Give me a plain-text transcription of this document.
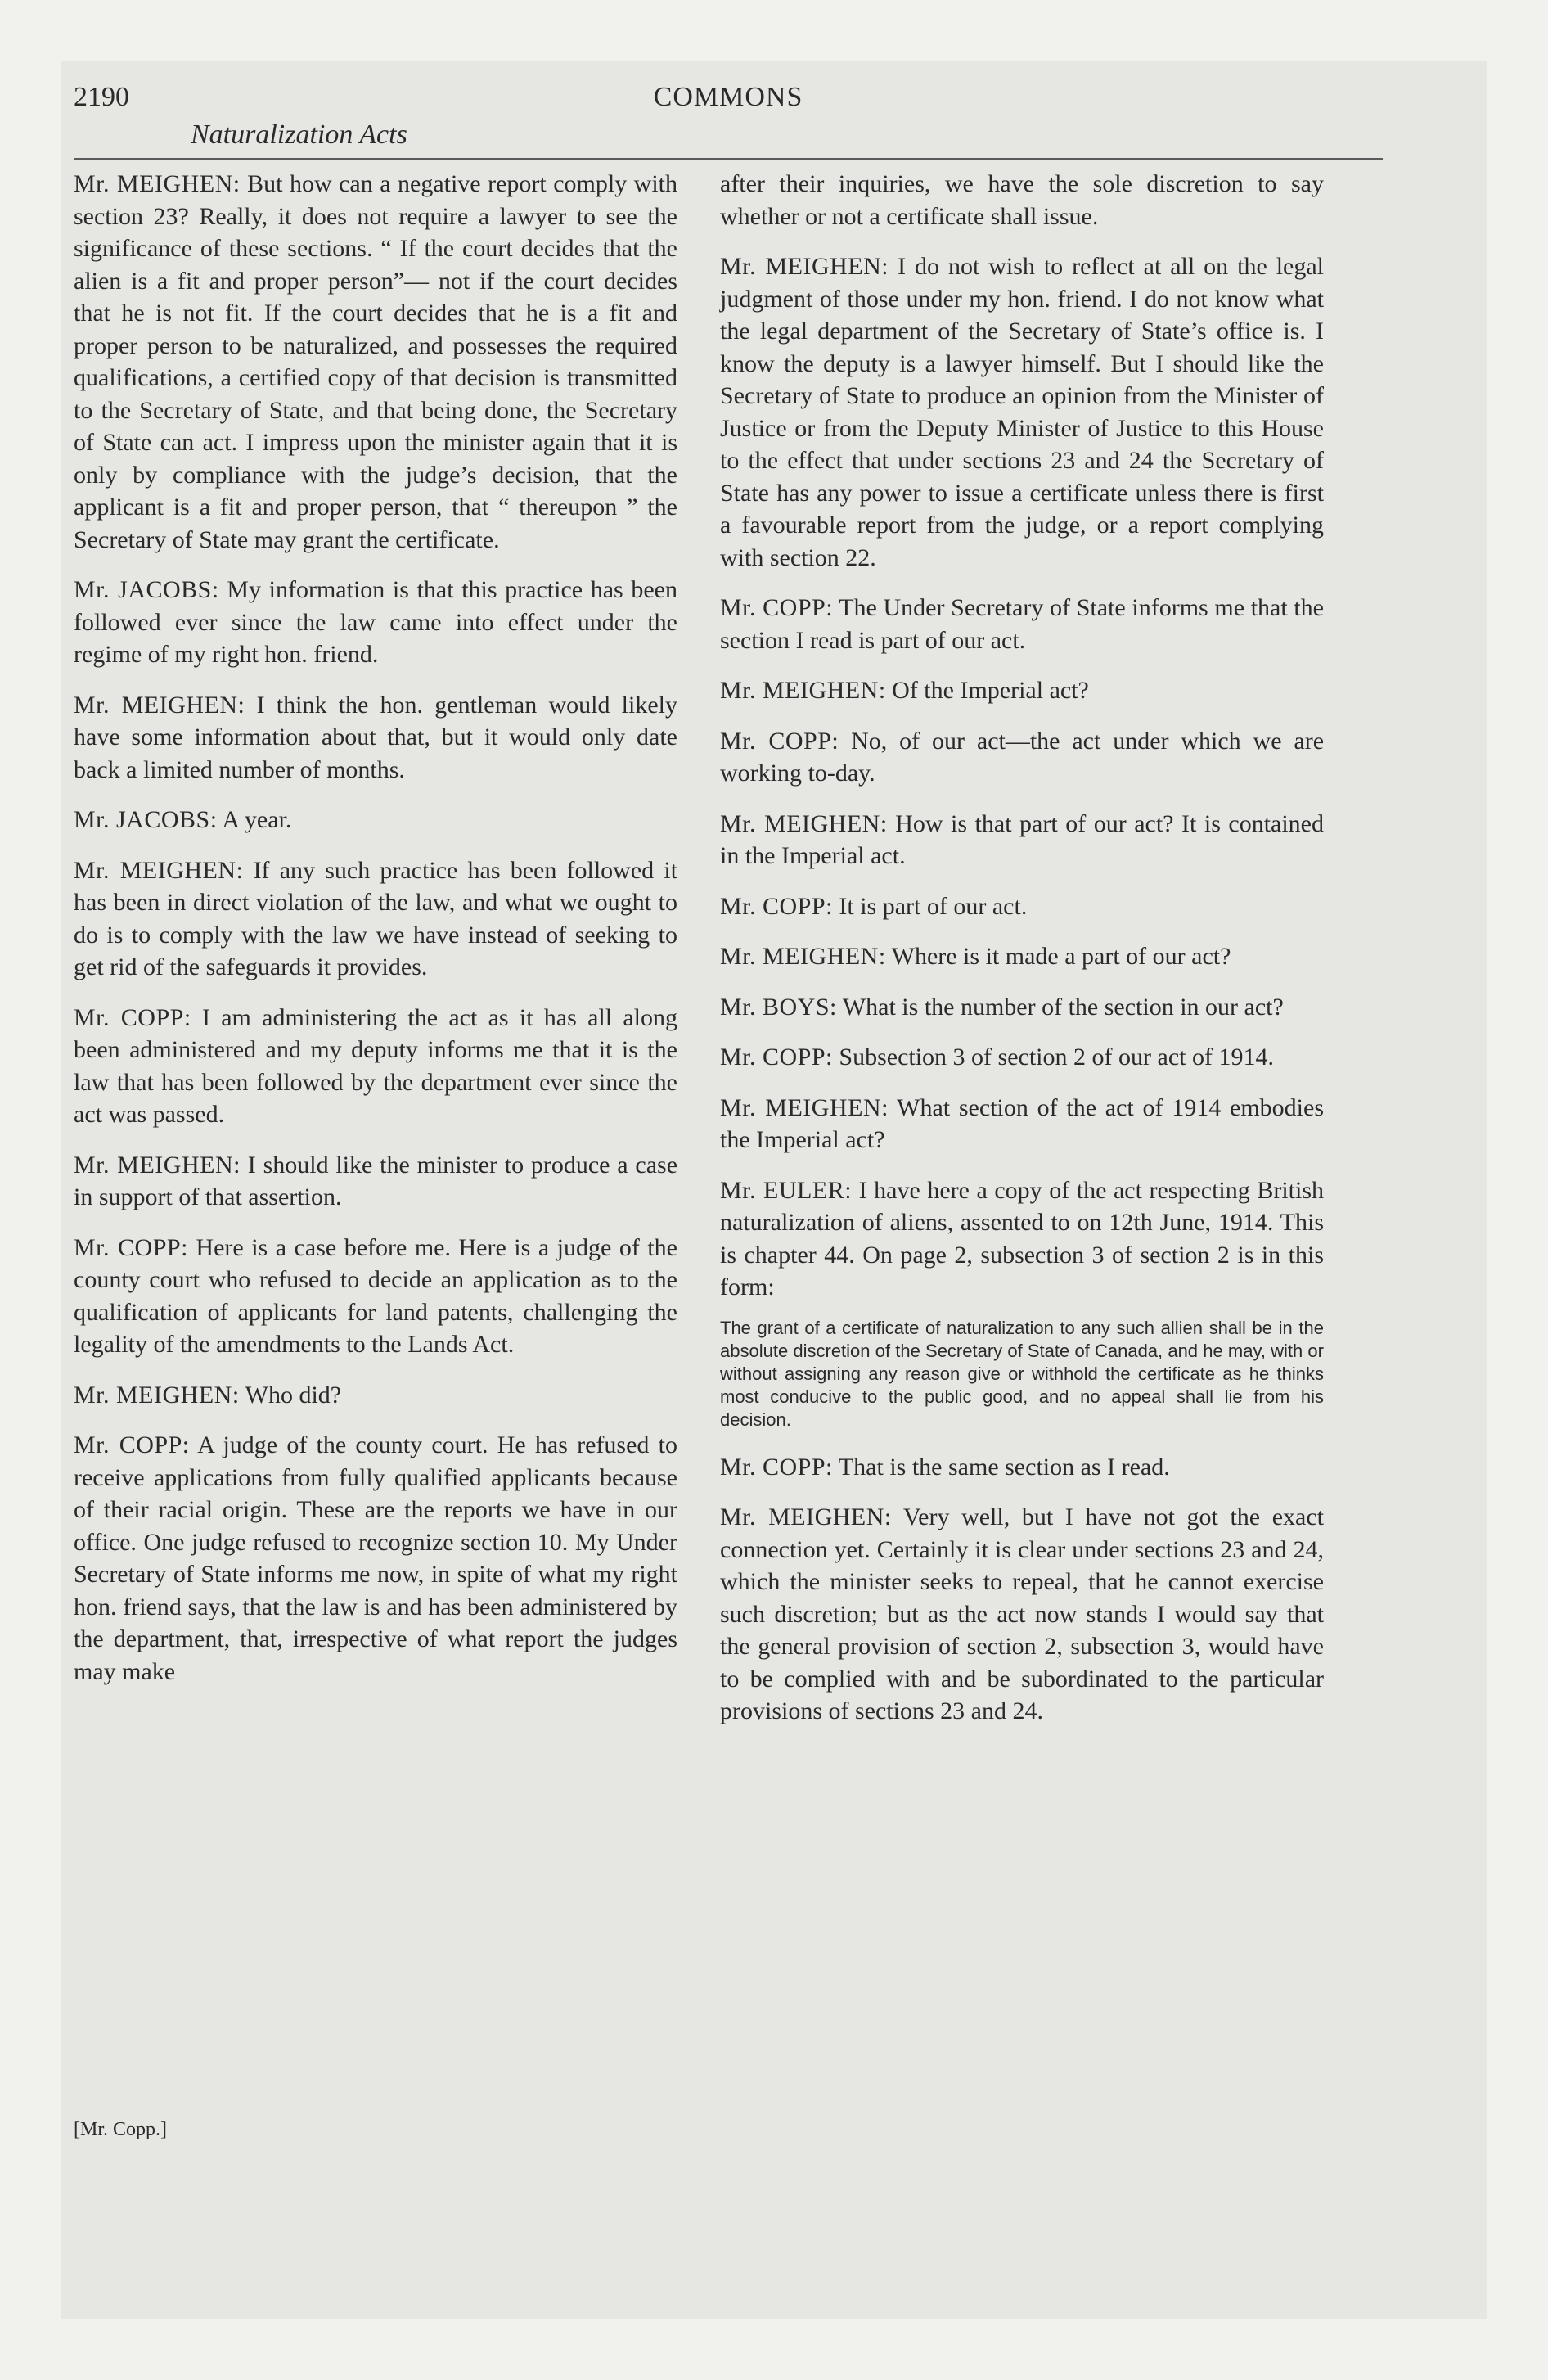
2190	COMMONS
Naturalization Acts

Mr. MEIGHEN: But how can a negative report comply with section 23? Really, it does not require a lawyer to see the significance of these sections. “ If the court decides that the alien is a fit and proper person”— not if the court decides that he is not fit. If the court decides that he is a fit and proper person to be naturalized, and possesses the required qualifications, a certified copy of that decision is transmitted to the Secretary of State, and that being done, the Secretary of State can act. I impress upon the minister again that it is only by compliance with the judge’s decision, that the applicant is a fit and proper person, that “ thereupon ” the Secretary of State may grant the certificate.

Mr. JACOBS: My information is that this practice has been followed ever since the law came into effect under the regime of my right hon. friend.

Mr. MEIGHEN: I think the hon. gentleman would likely have some information about that, but it would only date back a limited number of months.

Mr. JACOBS: A year.

Mr. MEIGHEN: If any such practice has been followed it has been in direct violation of the law, and what we ought to do is to comply with the law we have instead of seeking to get rid of the safeguards it provides.

Mr. COPP: I am administering the act as it has all along been administered and my deputy informs me that it is the law that has been followed by the department ever since the act was passed.

Mr. MEIGHEN: I should like the minister to produce a case in support of that assertion.

Mr. COPP: Here is a case before me. Here is a judge of the county court who refused to decide an application as to the qualification of applicants for land patents, challenging the legality of the amendments to the Lands Act.

Mr. MEIGHEN: Who did?

Mr. COPP: A judge of the county court. He has refused to receive applications from fully qualified applicants because of their racial origin. These are the reports we have in our office. One judge refused to recognize section 10. My Under Secretary of State informs me now, in spite of what my right hon. friend says, that the law is and has been administered by the department, that, irrespective of what report the judges may make

after their inquiries, we have the sole discretion to say whether or not a certificate shall issue.

Mr. MEIGHEN: I do not wish to reflect at all on the legal judgment of those under my hon. friend. I do not know what the legal department of the Secretary of State’s office is. I know the deputy is a lawyer himself. But I should like the Secretary of State to produce an opinion from the Minister of Justice or from the Deputy Minister of Justice to this House to the effect that under sections 23 and 24 the Secretary of State has any power to issue a certificate unless there is first a favourable report from the judge, or a report complying with section 22.

Mr. COPP: The Under Secretary of State informs me that the section I read is part of our act.

Mr. MEIGHEN: Of the Imperial act?

Mr. COPP: No, of our act—the act under which we are working to-day.

Mr. MEIGHEN: How is that part of our act? It is contained in the Imperial act.

Mr. COPP: It is part of our act.

Mr. MEIGHEN: Where is it made a part of our act?

Mr. BOYS: What is the number of the section in our act?

Mr. COPP: Subsection 3 of section 2 of our act of 1914.

Mr. MEIGHEN: What section of the act of 1914 embodies the Imperial act?

Mr. EULER: I have here a copy of the act respecting British naturalization of aliens, assented to on 12th June, 1914. This is chapter 44. On page 2, subsection 3 of section 2 is in this form:

The grant of a certificate of naturalization to any such allien shall be in the absolute discretion of the Secretary of State of Canada, and he may, with or without assigning any reason give or withhold the certificate as he thinks most conducive to the public good, and no appeal shall lie from his decision.

Mr. COPP: That is the same section as I read.

Mr. MEIGHEN: Very well, but I have not got the exact connection yet. Certainly it is clear under sections 23 and 24, which the minister seeks to repeal, that he cannot exercise such discretion; but as the act now stands I would say that the general provision of section 2, subsection 3, would have to be complied with and be subordinated to the particular provisions of sections 23 and 24.

[Mr. Copp.]
